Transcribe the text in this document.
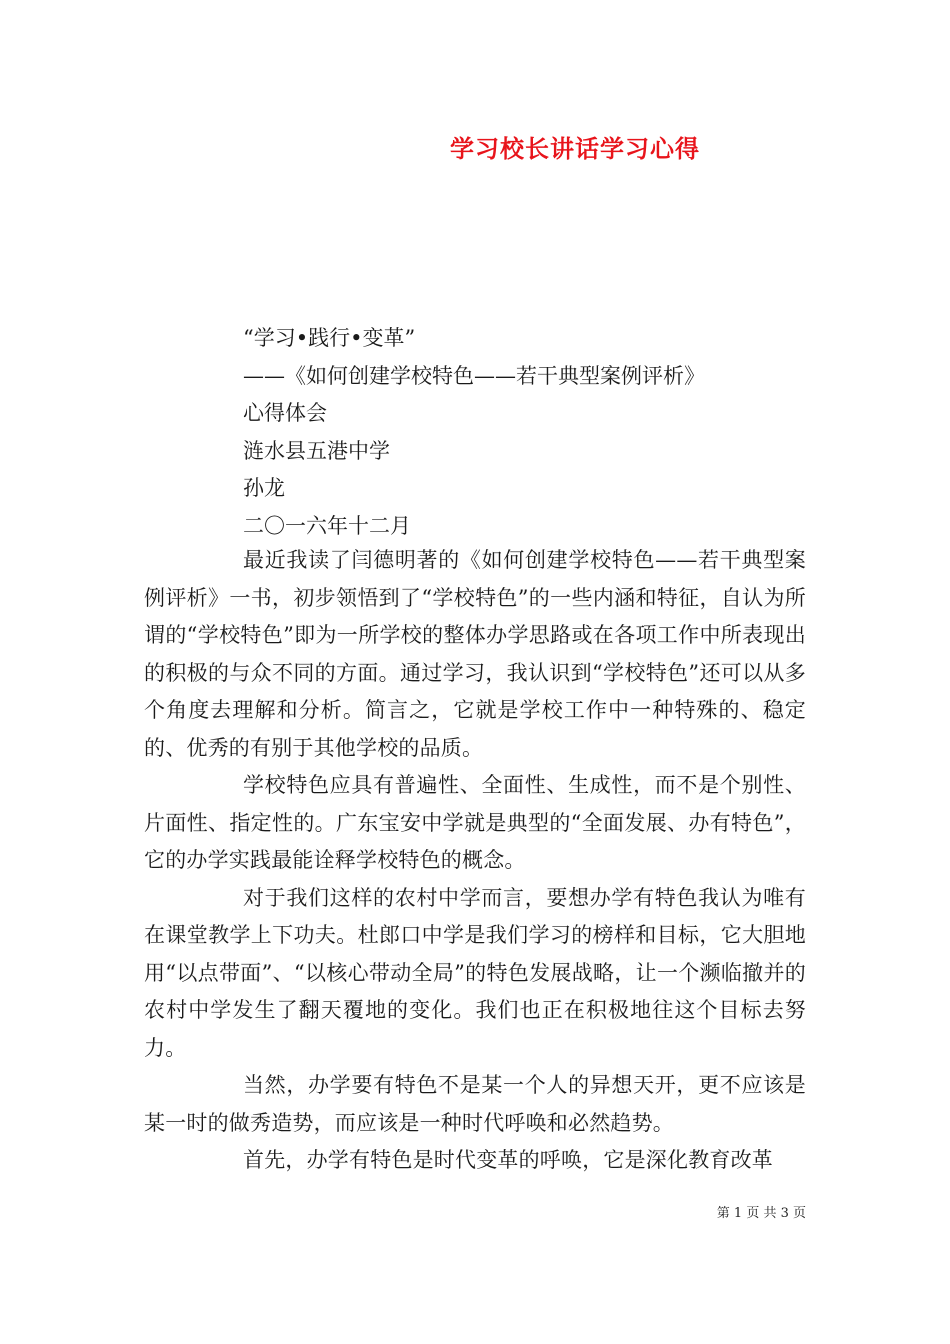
学习校长讲话学习心得
“学习•践行•变革”
——《如何创建学校特色——若干典型案例评析》
心得体会
涟水县五港中学
孙龙
二〇一六年十二月

最近我读了闫德明著的《如何创建学校特色——若干典型案例评析》一书，初步领悟到了“学校特色”的一些内涵和特征，自认为所谓的“学校特色”即为一所学校的整体办学思路或在各项工作中所表现出的积极的与众不同的方面。通过学习，我认识到“学校特色”还可以从多个角度去理解和分析。简言之，它就是学校工作中一种特殊的、稳定的、优秀的有别于其他学校的品质。

学校特色应具有普遍性、全面性、生成性，而不是个别性、片面性、指定性的。广东宝安中学就是典型的“全面发展、办有特色”，它的办学实践最能诠释学校特色的概念。

对于我们这样的农村中学而言，要想办学有特色我认为唯有在课堂教学上下功夫。杜郎口中学是我们学习的榜样和目标，它大胆地用“以点带面”、“以核心带动全局”的特色发展战略，让一个濒临撤并的农村中学发生了翻天覆地的变化。我们也正在积极地往这个目标去努力。

当然，办学要有特色不是某一个人的异想天开，更不应该是某一时的做秀造势，而应该是一种时代呼唤和必然趋势。

首先，办学有特色是时代变革的呼唤，它是深化教育改革

第 1 页 共 3 页
